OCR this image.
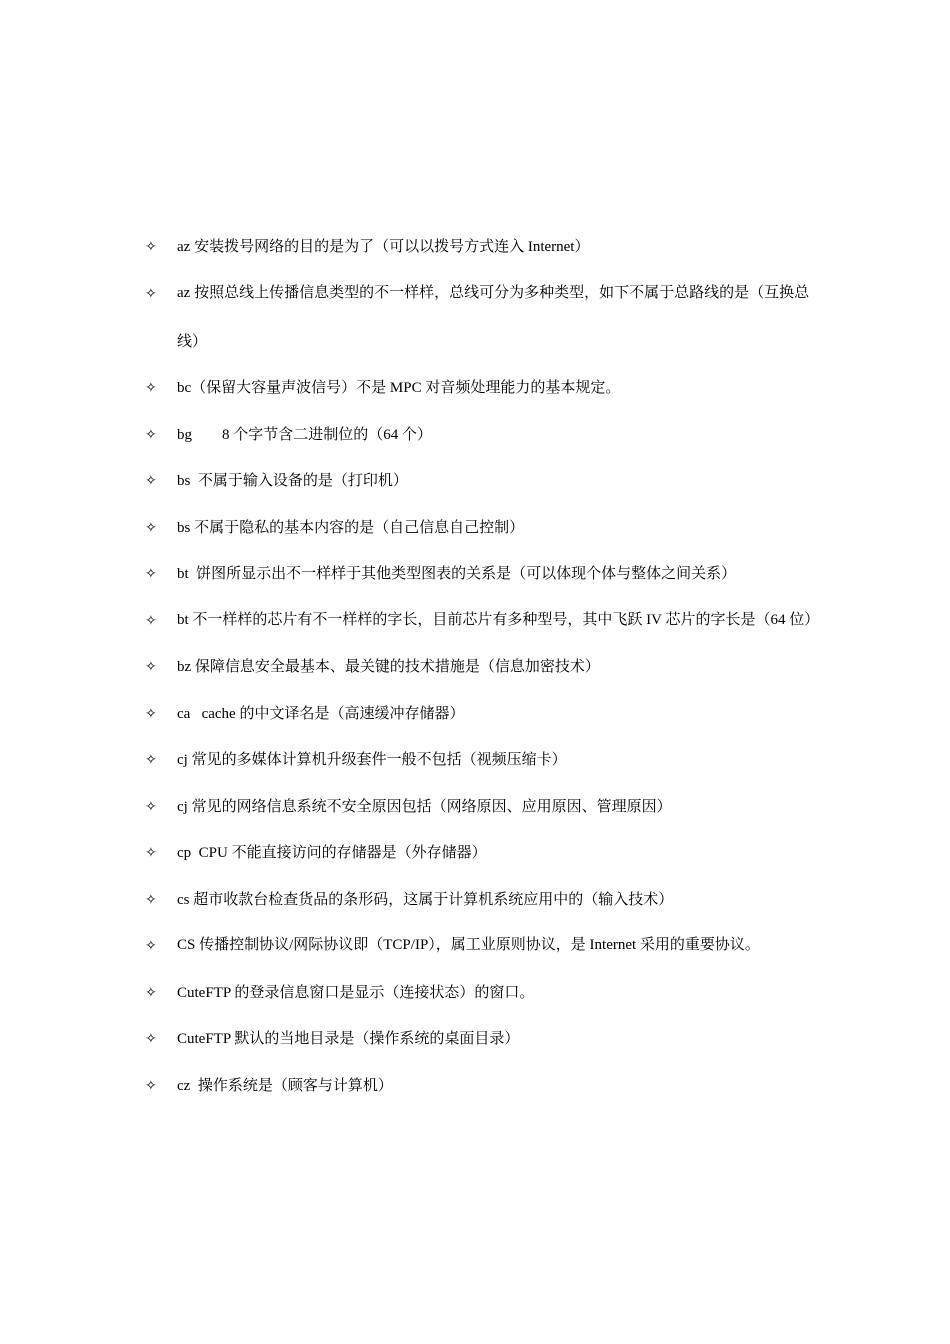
✧	az 安装拨号网络的目的是为了（可以以拨号方式连入 Internet）
✧	az 按照总线上传播信息类型的不一样样，总线可分为多种类型，如下不属于总路线的是（互换总线）
✧	bc（保留大容量声波信号）不是 MPC 对音频处理能力的基本规定。
✧	bg        8 个字节含二进制位的（64 个）
✧	bs  不属于输入设备的是（打印机）
✧	bs 不属于隐私的基本内容的是（自己信息自己控制）
✧	bt  饼图所显示出不一样样于其他类型图表的关系是（可以体现个体与整体之间关系）
✧	bt 不一样样的芯片有不一样样的字长，目前芯片有多种型号，其中飞跃 IV 芯片的字长是（64 位）
✧	bz 保障信息安全最基本、最关键的技术措施是（信息加密技术）
✧	ca   cache 的中文译名是（高速缓冲存储器）
✧	cj 常见的多媒体计算机升级套件一般不包括（视频压缩卡）
✧	cj 常见的网络信息系统不安全原因包括（网络原因、应用原因、管理原因）
✧	cp  CPU 不能直接访问的存储器是（外存储器）
✧	cs 超市收款台检查货品的条形码，这属于计算机系统应用中的（输入技术）
✧	CS 传播控制协议/网际协议即（TCP/IP），属工业原则协议，是 Internet 采用的重要协议。
✧	CuteFTP 的登录信息窗口是显示（连接状态）的窗口。
✧	CuteFTP 默认的当地目录是（操作系统的桌面目录）
✧	cz  操作系统是（顾客与计算机）
